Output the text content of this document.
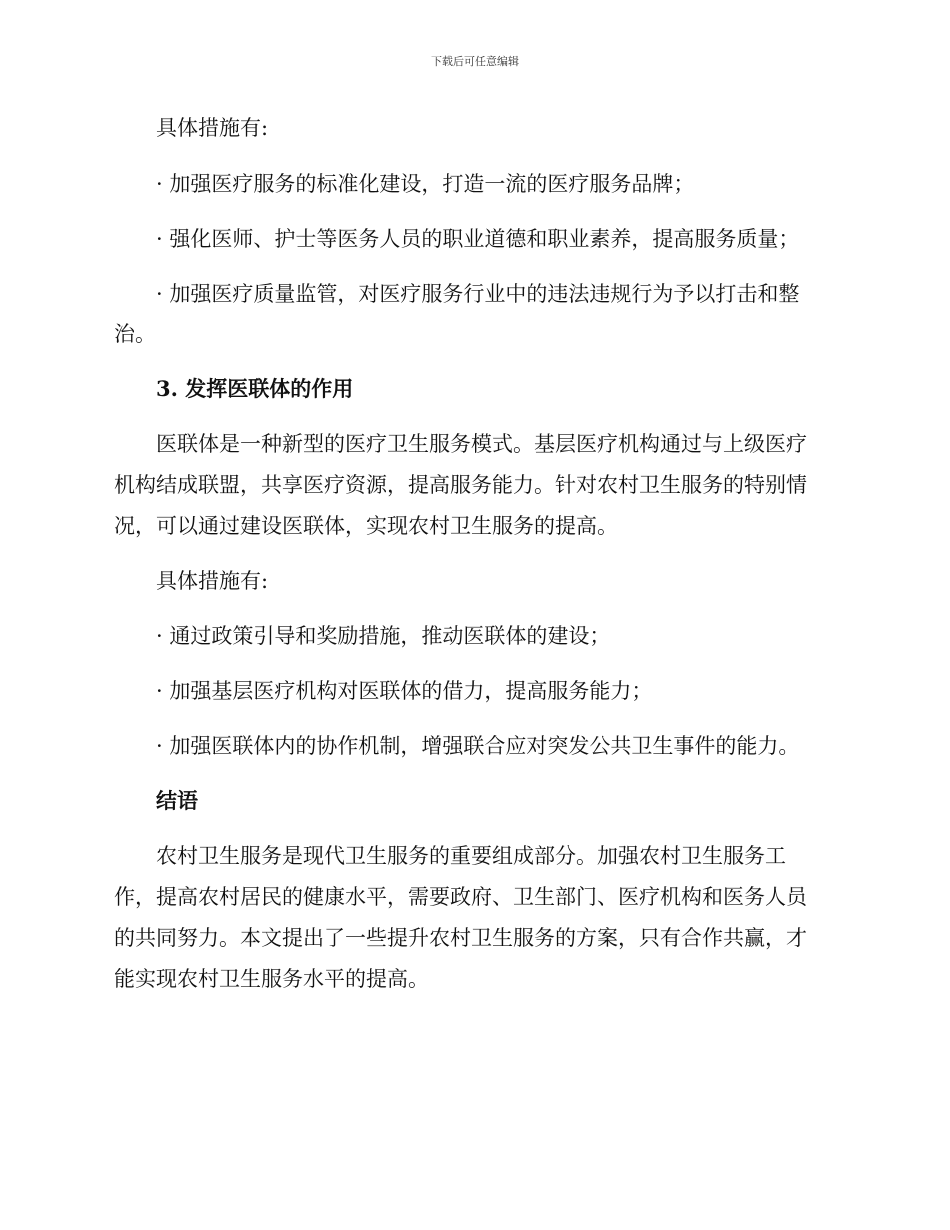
下载后可任意编辑
具体措施有:
· 加强医疗服务的标准化建设，打造一流的医疗服务品牌；
· 强化医师、护士等医务人员的职业道德和职业素养，提高服务质量；
· 加强医疗质量监管，对医疗服务行业中的违法违规行为予以打击和整
治。
3. 发挥医联体的作用
医联体是一种新型的医疗卫生服务模式。基层医疗机构通过与上级医疗
机构结成联盟，共享医疗资源，提高服务能力。针对农村卫生服务的特别情
况，可以通过建设医联体，实现农村卫生服务的提高。
具体措施有:
· 通过政策引导和奖励措施，推动医联体的建设；
· 加强基层医疗机构对医联体的借力，提高服务能力；
· 加强医联体内的协作机制，增强联合应对突发公共卫生事件的能力。
结语
农村卫生服务是现代卫生服务的重要组成部分。加强农村卫生服务工
作，提高农村居民的健康水平，需要政府、卫生部门、医疗机构和医务人员
的共同努力。本文提出了一些提升农村卫生服务的方案，只有合作共赢，才
能实现农村卫生服务水平的提高。
